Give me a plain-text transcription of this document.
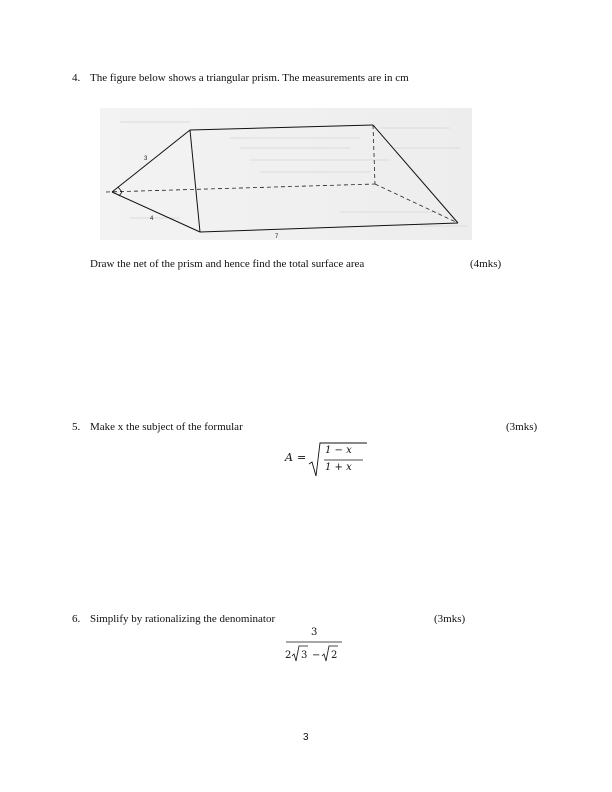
4. The figure below shows a triangular prism. The measurements are in cm
3
4
7
Draw the net of the prism and hence find the total surface area	(4mks)
5. Make x the subject of the formular	(3mks)
A =
1 − x
1 + x
6. Simplify by rationalizing the denominator	(3mks)
3
2 3 − 2
3
